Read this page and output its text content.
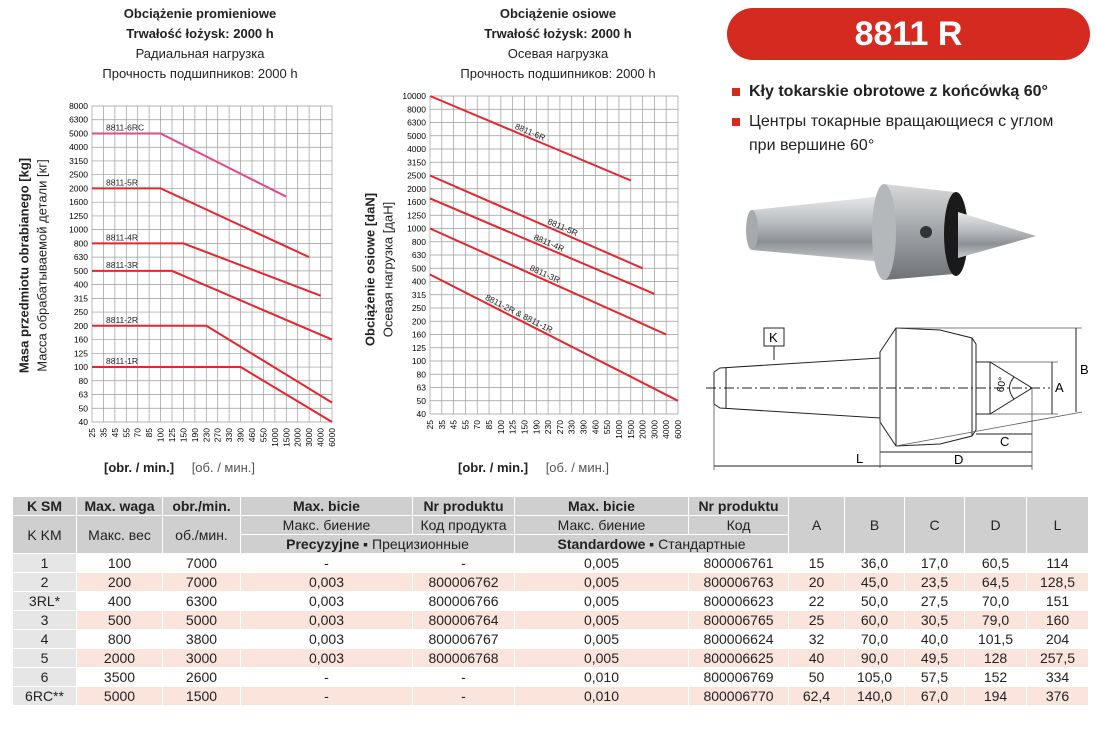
Obciążenie promieniowe
Trwałość łożysk: 2000 h
Радиальная нагрузка
Прочность подшипников: 2000 h
Obciążenie osiowe
Trwałość łożysk: 2000 h
Осевая нагрузка
Прочность подшипников: 2000 h
Masa przedmiotu obrabianego [kg] Масса обрабатываемой детали [кг]	Obciążenie osiowe [daN] Осевая нагрузка [даН]
25 35 45 55 70 85 100 125 150 190 230 270 330 390 460 550 1000 1500 2000 3000 4000 6000
8000
6300
5000
4000
3150
2500
2000
1600
1250
1000
800
630
500
400
315
250
200
160
125
100
80
63
50
40
8811-6RC
8811-5R
8811-4R
8811-3R
8811-2R
8811-1R
25 35 45 55 70 85 100 125 150 190 230 270 330 390 460 550 1000 1500 2000 3000 4000 6000
10000
8000
6300
5000
4000
3150
2500
2000
1600
1250
1000
800
630
500
400
315
250
200
160
125
100
80
63
50
40
8811-6R
8811-5R
8811-4R
8811-3R
8811-2R & 8811-1R
[obr. / min.] [об. / мин.]	[obr. / min.] [об. / мин.]
8811 R
Kły tokarskie obrotowe z końcówką 60°
Центры токарные вращающиеся с углом при вершине 60°
K
B
A
C
D
L
60°
K SM	Max. waga	obr./min.	Max. bicie	Nr produktu	Max. bicie	Nr produktu	A	B	C	D	L
K KM	Макс. вес	об./мин.	Макс. биение	Код продукта	Макс. биение	Код					
			Precyzyjne ▪ Прецизионные		Standardowe ▪ Стандартные						
1	100	7000	-	-	0,005	800006761	15	36,0	17,0	60,5	114
2	200	7000	0,003	800006762	0,005	800006763	20	45,0	23,5	64,5	128,5
3RL*	400	6300	0,003	800006766	0,005	800006623	22	50,0	27,5	70,0	151
3	500	5000	0,003	800006764	0,005	800006765	25	60,0	30,5	79,0	160
4	800	3800	0,003	800006767	0,005	800006624	32	70,0	40,0	101,5	204
5	2000	3000	0,003	800006768	0,005	800006625	40	90,0	49,5	128	257,5
6	3500	2600	-	-	0,010	800006769	50	105,0	57,5	152	334
6RC**	5000	1500	-	-	0,010	800006770	62,4	140,0	67,0	194	376
